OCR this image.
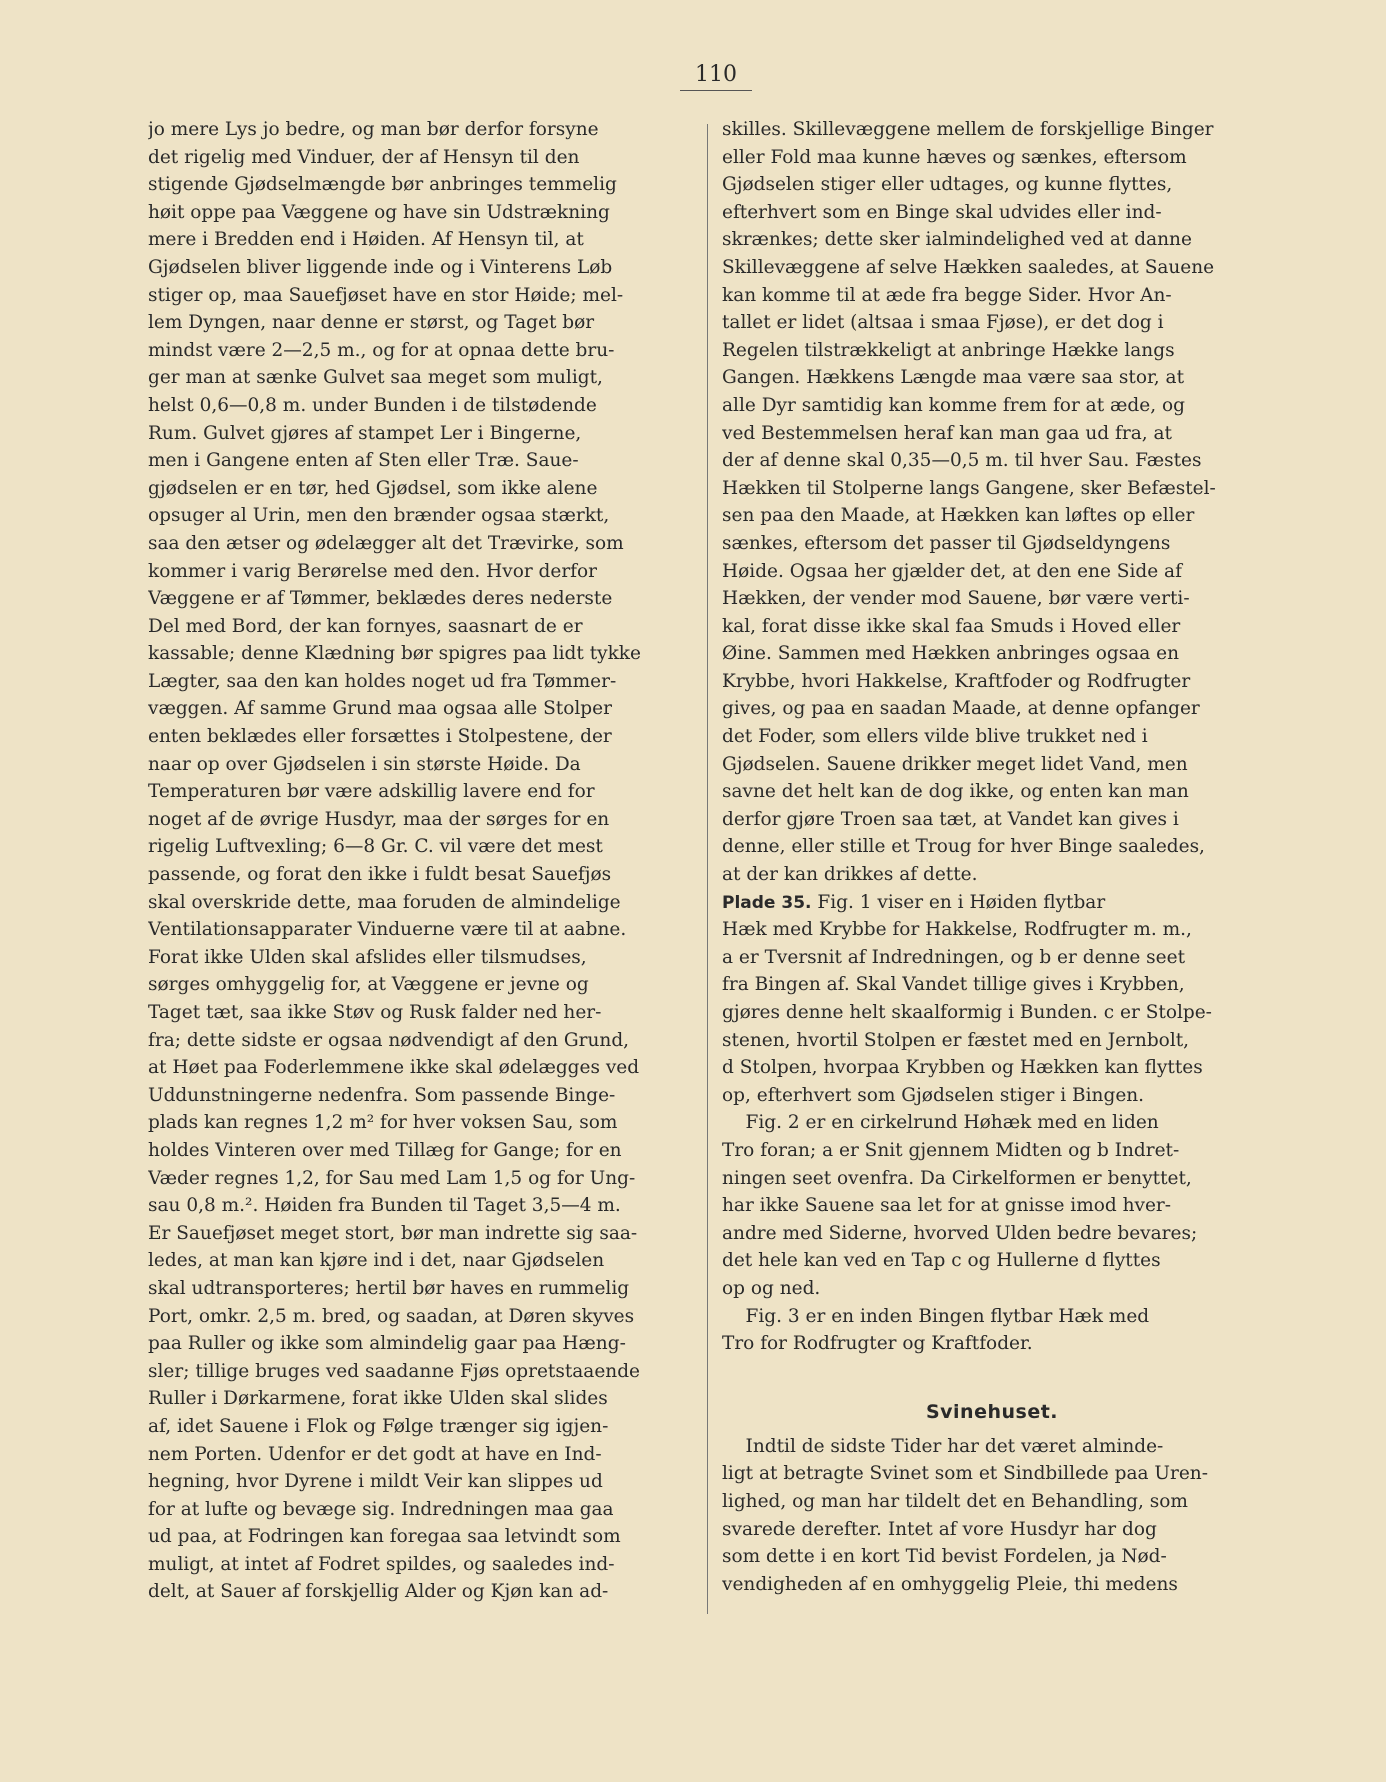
110
jo mere Lys jo bedre, og man bør derfor forsyne
det rigelig med Vinduer, der af Hensyn til den
stigende Gjødselmængde bør anbringes temmelig
høit oppe paa Væggene og have sin Udstrækning
mere i Bredden end i Høiden. Af Hensyn til, at
Gjødselen bliver liggende inde og i Vinterens Løb
stiger op, maa Sauefjøset have en stor Høide; mel-
lem Dyngen, naar denne er størst, og Taget bør
mindst være 2—2,5 m., og for at opnaa dette bru-
ger man at sænke Gulvet saa meget som muligt,
helst 0,6—0,8 m. under Bunden i de tilstødende
Rum. Gulvet gjøres af stampet Ler i Bingerne,
men i Gangene enten af Sten eller Træ. Saue-
gjødselen er en tør, hed Gjødsel, som ikke alene
opsuger al Urin, men den brænder ogsaa stærkt,
saa den ætser og ødelægger alt det Trævirke, som
kommer i varig Berørelse med den. Hvor derfor
Væggene er af Tømmer, beklædes deres nederste
Del med Bord, der kan fornyes, saasnart de er
kassable; denne Klædning bør spigres paa lidt tykke
Lægter, saa den kan holdes noget ud fra Tømmer-
væggen. Af samme Grund maa ogsaa alle Stolper
enten beklædes eller forsættes i Stolpestene, der
naar op over Gjødselen i sin største Høide. Da
Temperaturen bør være adskillig lavere end for
noget af de øvrige Husdyr, maa der sørges for en
rigelig Luftvexling; 6—8 Gr. C. vil være det mest
passende, og forat den ikke i fuldt besat Sauefjøs
skal overskride dette, maa foruden de almindelige
Ventilationsapparater Vinduerne være til at aabne.
Forat ikke Ulden skal afslides eller tilsmudses,
sørges omhyggelig for, at Væggene er jevne og
Taget tæt, saa ikke Støv og Rusk falder ned her-
fra; dette sidste er ogsaa nødvendigt af den Grund,
at Høet paa Foderlemmene ikke skal ødelægges ved
Uddunstningerne nedenfra. Som passende Binge-
plads kan regnes 1,2 m² for hver voksen Sau, som
holdes Vinteren over med Tillæg for Gange; for en
Væder regnes 1,2, for Sau med Lam 1,5 og for Ung-
sau 0,8 m.². Høiden fra Bunden til Taget 3,5—4 m.
Er Sauefjøset meget stort, bør man indrette sig saa-
ledes, at man kan kjøre ind i det, naar Gjødselen
skal udtransporteres; hertil bør haves en rummelig
Port, omkr. 2,5 m. bred, og saadan, at Døren skyves
paa Ruller og ikke som almindelig gaar paa Hæng-
sler; tillige bruges ved saadanne Fjøs opretstaaende
Ruller i Dørkarmene, forat ikke Ulden skal slides
af, idet Sauene i Flok og Følge trænger sig igjen-
nem Porten. Udenfor er det godt at have en Ind-
hegning, hvor Dyrene i mildt Veir kan slippes ud
for at lufte og bevæge sig. Indredningen maa gaa
ud paa, at Fodringen kan foregaa saa letvindt som
muligt, at intet af Fodret spildes, og saaledes ind-
delt, at Sauer af forskjellig Alder og Kjøn kan ad-
skilles. Skillevæggene mellem de forskjellige Binger
eller Fold maa kunne hæves og sænkes, eftersom
Gjødselen stiger eller udtages, og kunne flyttes,
efterhvert som en Binge skal udvides eller ind-
skrænkes; dette sker ialmindelighed ved at danne
Skillevæggene af selve Hækken saaledes, at Sauene
kan komme til at æde fra begge Sider. Hvor An-
tallet er lidet (altsaa i smaa Fjøse), er det dog i
Regelen tilstrækkeligt at anbringe Hække langs
Gangen. Hækkens Længde maa være saa stor, at
alle Dyr samtidig kan komme frem for at æde, og
ved Bestemmelsen heraf kan man gaa ud fra, at
der af denne skal 0,35—0,5 m. til hver Sau. Fæstes
Hækken til Stolperne langs Gangene, sker Befæstel-
sen paa den Maade, at Hækken kan løftes op eller
sænkes, eftersom det passer til Gjødseldyngens
Høide. Ogsaa her gjælder det, at den ene Side af
Hækken, der vender mod Sauene, bør være verti-
kal, forat disse ikke skal faa Smuds i Hoved eller
Øine. Sammen med Hækken anbringes ogsaa en
Krybbe, hvori Hakkelse, Kraftfoder og Rodfrugter
gives, og paa en saadan Maade, at denne opfanger
det Foder, som ellers vilde blive trukket ned i
Gjødselen. Sauene drikker meget lidet Vand, men
savne det helt kan de dog ikke, og enten kan man
derfor gjøre Troen saa tæt, at Vandet kan gives i
denne, eller stille et Troug for hver Binge saaledes,
at der kan drikkes af dette.
Plade 35. Fig. 1 viser en i Høiden flytbar
Hæk med Krybbe for Hakkelse, Rodfrugter m. m.,
a er Tversnit af Indredningen, og b er denne seet
fra Bingen af. Skal Vandet tillige gives i Krybben,
gjøres denne helt skaalformig i Bunden. c er Stolpe-
stenen, hvortil Stolpen er fæstet med en Jernbolt,
d Stolpen, hvorpaa Krybben og Hækken kan flyttes
op, efterhvert som Gjødselen stiger i Bingen.
Fig. 2 er en cirkelrund Høhæk med en liden
Tro foran; a er Snit gjennem Midten og b Indret-
ningen seet ovenfra. Da Cirkelformen er benyttet,
har ikke Sauene saa let for at gnisse imod hver-
andre med Siderne, hvorved Ulden bedre bevares;
det hele kan ved en Tap c og Hullerne d flyttes
op og ned.
Fig. 3 er en inden Bingen flytbar Hæk med
Tro for Rodfrugter og Kraftfoder.
Svinehuset.
Indtil de sidste Tider har det været alminde-
ligt at betragte Svinet som et Sindbillede paa Uren-
lighed, og man har tildelt det en Behandling, som
svarede derefter. Intet af vore Husdyr har dog
som dette i en kort Tid bevist Fordelen, ja Nød-
vendigheden af en omhyggelig Pleie, thi medens
